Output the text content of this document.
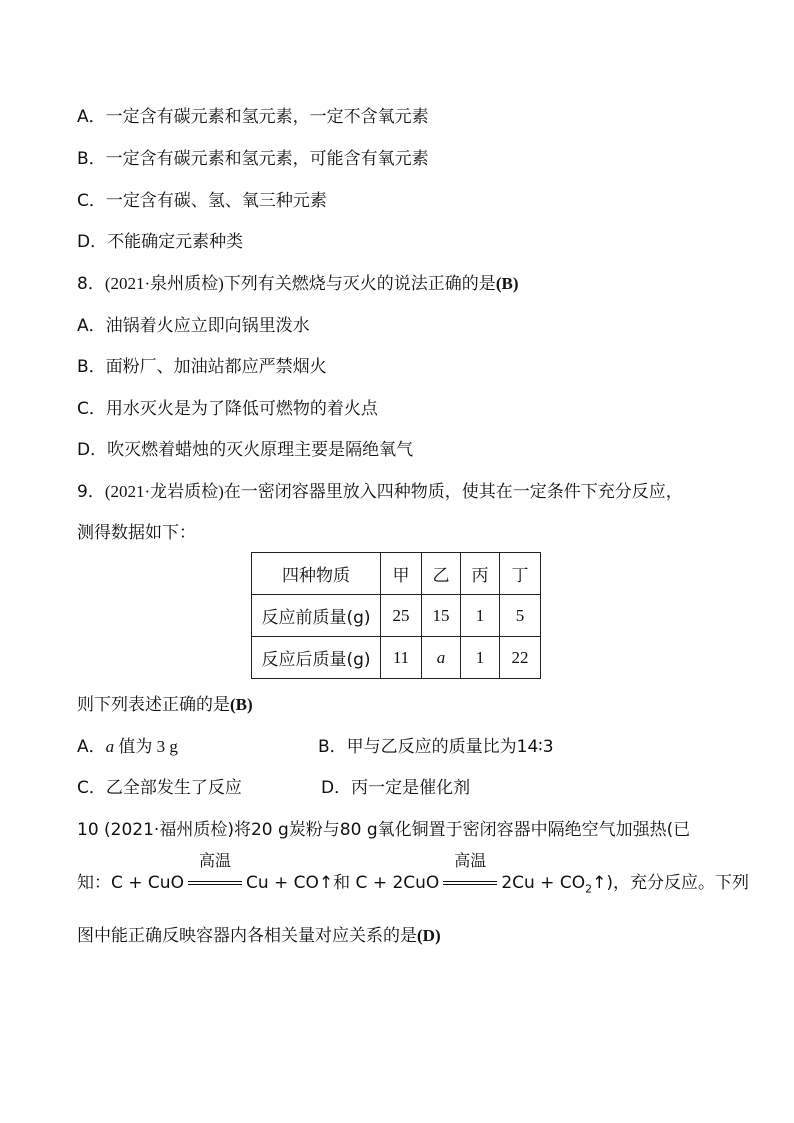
A．一定含有碳元素和氢元素，一定不含氧元素
B．一定含有碳元素和氢元素，可能含有氧元素
C．一定含有碳、氢、氧三种元素
D．不能确定元素种类
8．(2021·泉州质检)下列有关燃烧与灭火的说法正确的是(B)
A．油锅着火应立即向锅里泼水
B．面粉厂、加油站都应严禁烟火
C．用水灭火是为了降低可燃物的着火点
D．吹灭燃着蜡烛的灭火原理主要是隔绝氧气
9．(2021·龙岩质检)在一密闭容器里放入四种物质，使其在一定条件下充分反应，
测得数据如下：
四种物质	甲	乙	丙	丁
反应前质量(g)	25	15	1	5
反应后质量(g)	11	a	1	22
则下列表述正确的是(B)
A．a 值为 3 g	B．甲与乙反应的质量比为14∶3
C．乙全部发生了反应	D．丙一定是催化剂
10 (2021·福州质检)将20 g炭粉与80 g氧化铜置于密闭容器中隔绝空气加强热(已
知：C + CuO
高温
Cu + CO↑和 C + 2CuO
高温
$2Cu + CO_2↑$)，充分反应。下列
图中能正确反映容器内各相关量对应关系的是(D)
